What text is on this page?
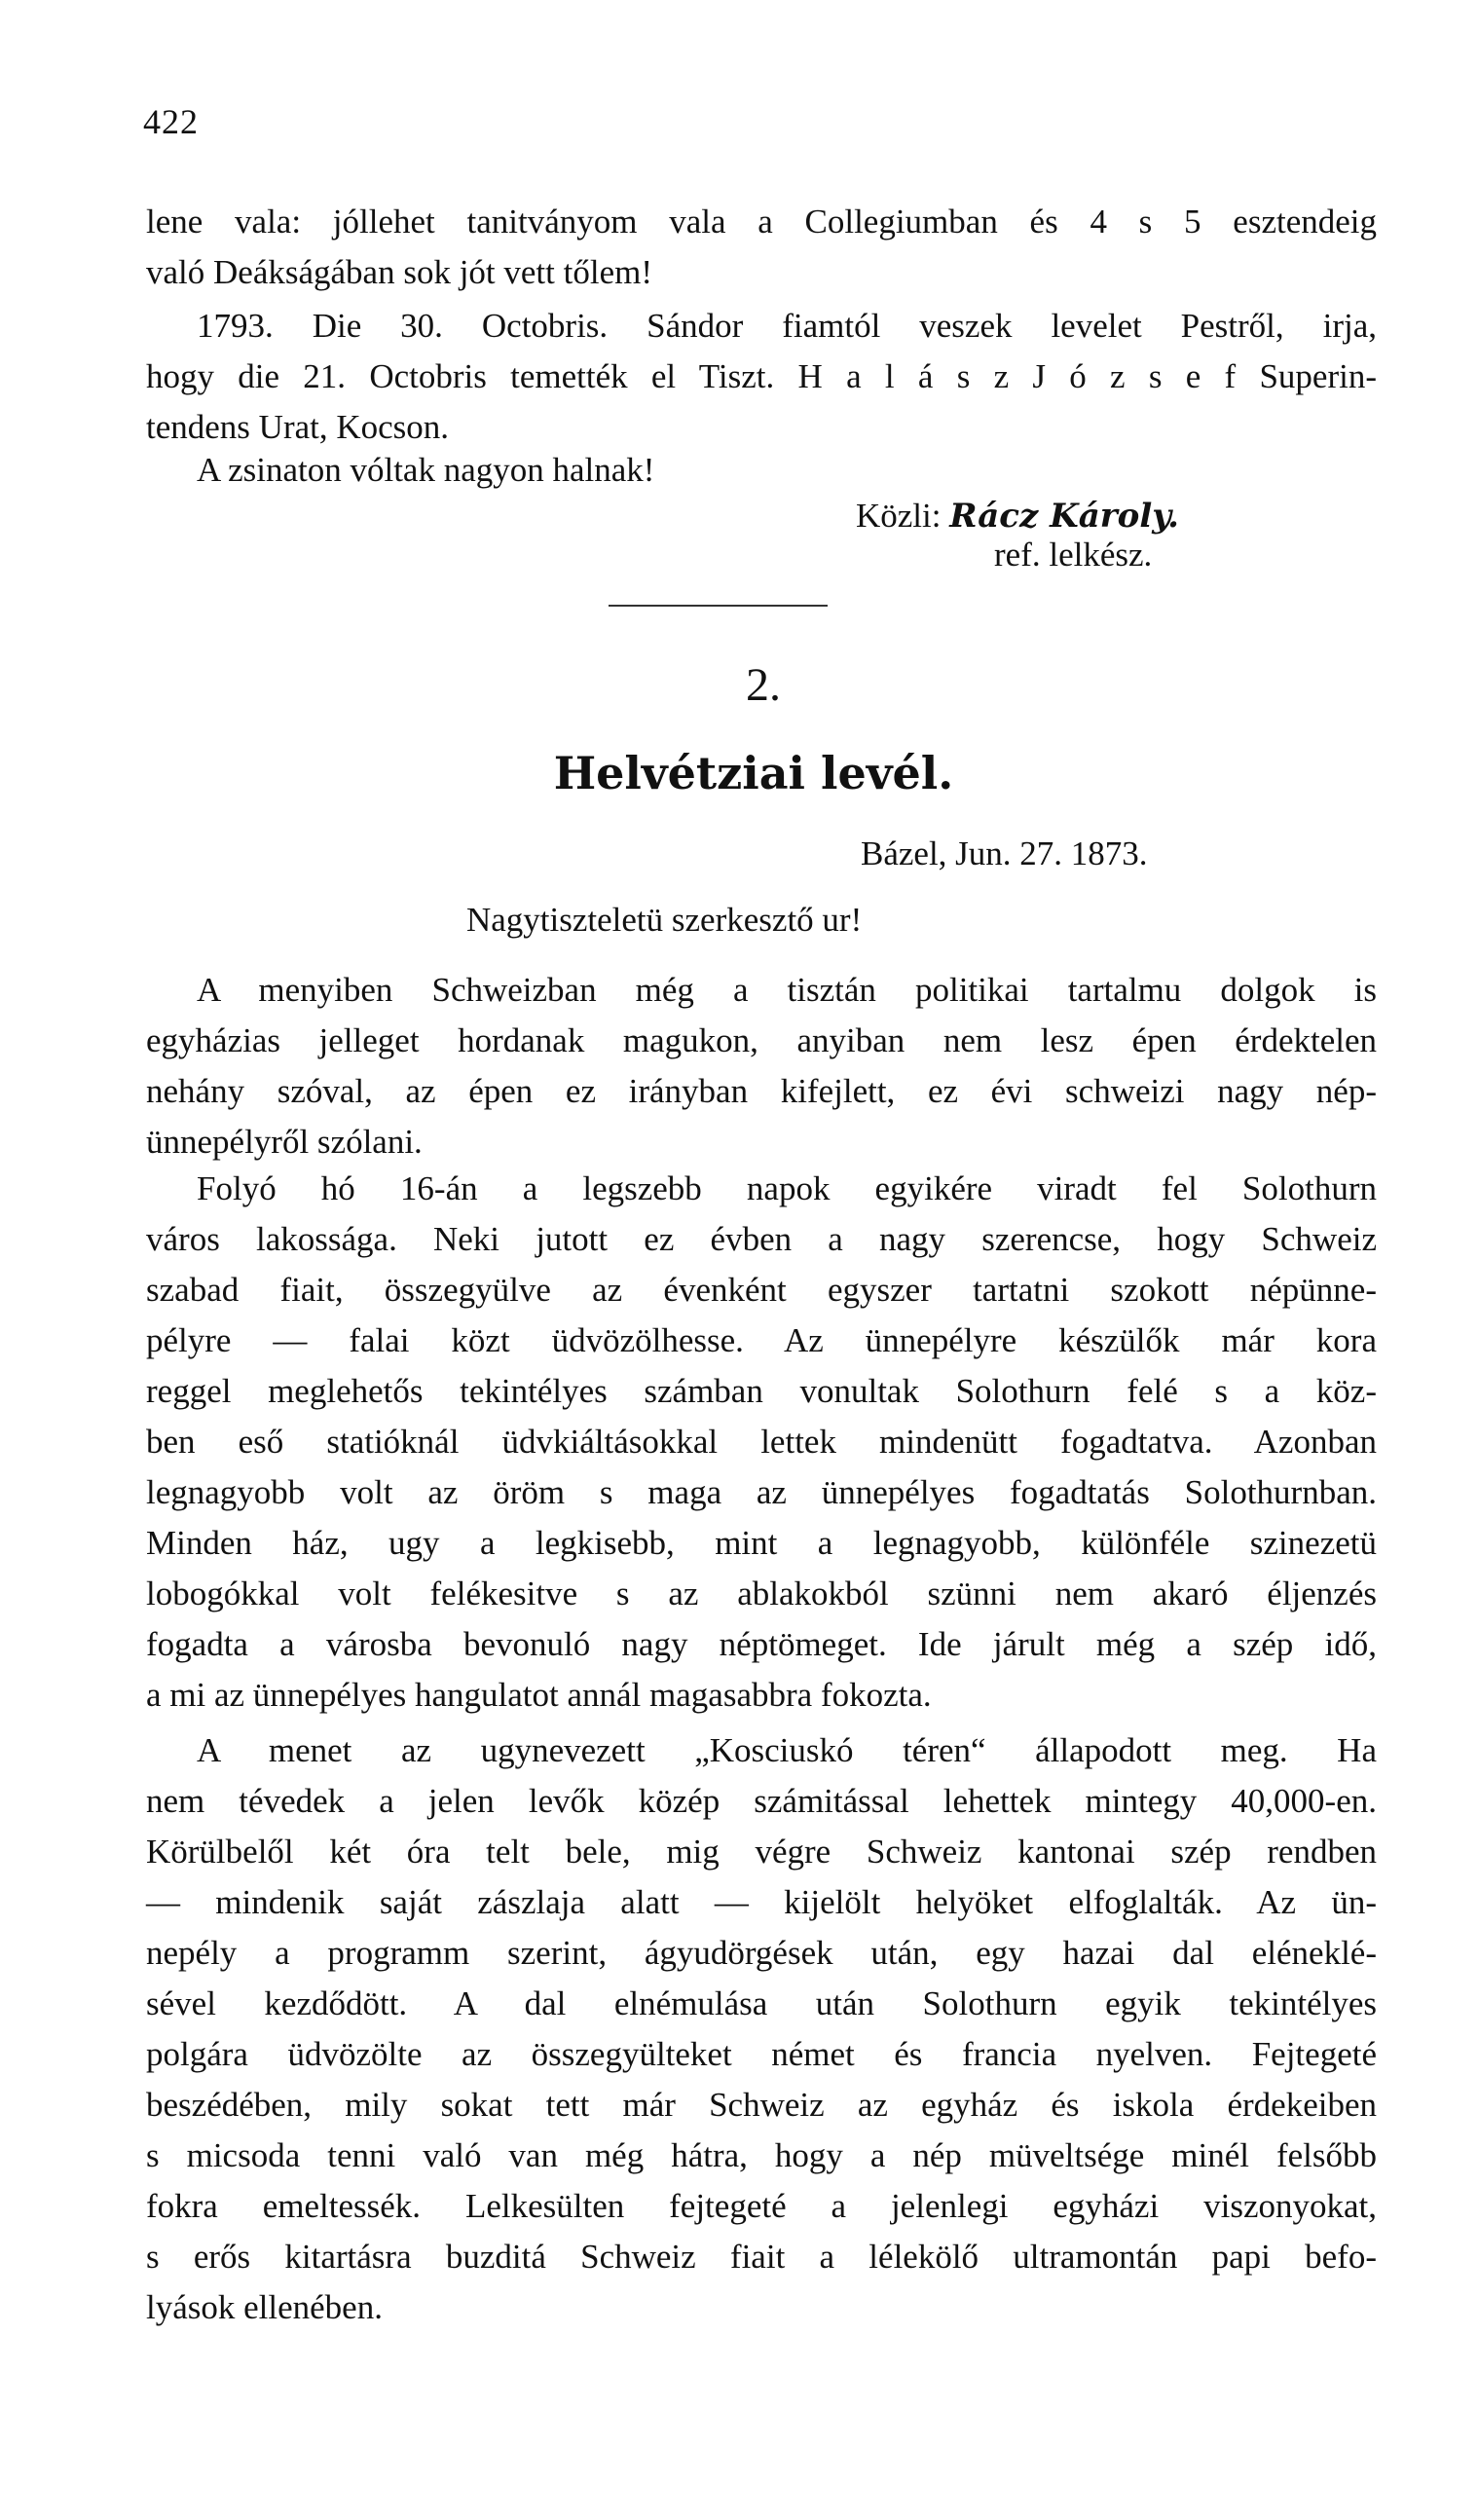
422
lene vala: jóllehet tanitványom vala a Collegiumban és 4 s 5 esztendeig
való Deákságában sok jót vett tőlem!
1793. Die 30. Octobris. Sándor fiamtól veszek levelet Pestről, irja,
hogy die 21. Octobris temették el Tiszt. H a l á s z J ó z s e f Superin-
tendens Urat, Kocson.
A zsinaton vóltak nagyon halnak!
Közli: Rácz Károly.
ref. lelkész.
2.
Helvétziai levél.
Bázel, Jun. 27. 1873.
Nagytiszteletü szerkesztő ur!
A menyiben Schweizban még a tisztán politikai tartalmu dolgok is
egyházias jelleget hordanak magukon, anyiban nem lesz épen érdektelen
nehány szóval, az épen ez irányban kifejlett, ez évi schweizi nagy nép-
ünnepélyről szólani.
Folyó hó 16-án a legszebb napok egyikére viradt fel Solothurn
város lakossága. Neki jutott ez évben a nagy szerencse, hogy Schweiz
szabad fiait, összegyülve az évenként egyszer tartatni szokott népünne-
pélyre — falai közt üdvözölhesse. Az ünnepélyre készülők már kora
reggel meglehetős tekintélyes számban vonultak Solothurn felé s a köz-
ben eső statióknál üdvkiáltásokkal lettek mindenütt fogadtatva. Azonban
legnagyobb volt az öröm s maga az ünnepélyes fogadtatás Solothurnban.
Minden ház, ugy a legkisebb, mint a legnagyobb, különféle szinezetü
lobogókkal volt felékesitve s az ablakokból szünni nem akaró éljenzés
fogadta a városba bevonuló nagy néptömeget. Ide járult még a szép idő,
a mi az ünnepélyes hangulatot annál magasabbra fokozta.
A menet az ugynevezett „Kosciuskó téren“ állapodott meg. Ha
nem tévedek a jelen levők közép számitással lehettek mintegy 40,000-en.
Körülbelől két óra telt bele, mig végre Schweiz kantonai szép rendben
— mindenik saját zászlaja alatt — kijelölt helyöket elfoglalták. Az ün-
nepély a programm szerint, ágyudörgések után, egy hazai dal eléneklé-
sével kezdődött. A dal elnémulása után Solothurn egyik tekintélyes
polgára üdvözölte az összegyülteket német és francia nyelven. Fejtegeté
beszédében, mily sokat tett már Schweiz az egyház és iskola érdekeiben
s micsoda tenni való van még hátra, hogy a nép müveltsége minél felsőbb
fokra emeltessék. Lelkesülten fejtegeté a jelenlegi egyházi viszonyokat,
s erős kitartásra buzditá Schweiz fiait a lélekölő ultramontán papi befo-
lyások ellenében.
